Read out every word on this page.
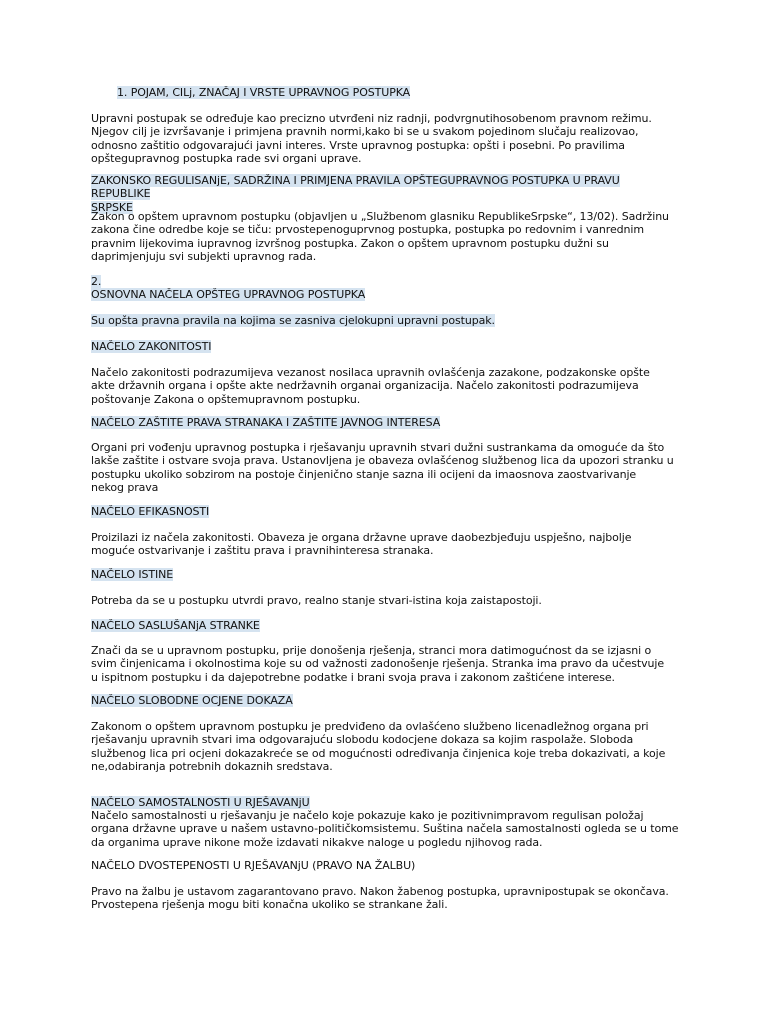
1. POJAM, CILj, ZNAČAJ I VRSTE UPRAVNOG POSTUPKA

Upravni postupak se određuje kao precizno utvrđeni niz radnji, podvrgnutihosobenom pravnom režimu.
Njegov cilj je izvršavanje i primjena pravnih normi,kako bi se u svakom pojedinom slučaju realizovao,
odnosno zaštitio odgovarajući javni interes. Vrste upravnog postupka: opšti i posebni. Po pravilima
opštegupravnog postupka rade svi organi uprave.

ZAKONSKO REGULISANjE, SADRŽINA I PRIMJENA PRAVILA OPŠTEGUPRAVNOG POSTUPKA U PRAVU REPUBLIKE
SRPSKE

Zakon o opštem upravnom postupku (objavljen u „Službenom glasniku RepublikeSrpske“, 13/02). Sadržinu
zakona čine odredbe koje se tiču: prvostepenoguprvnog postupka, postupka po redovnim i vanrednim
pravnim lijekovima iupravnog izvršnog postupka. Zakon o opštem upravnom postupku dužni su
daprimjenjuju svi subjekti upravnog rada.

2.
OSNOVNA NAČELA OPŠTEG UPRAVNOG POSTUPKA

Su opšta pravna pravila na kojima se zasniva cjelokupni upravni postupak.

NAČELO ZAKONITOSTI

Načelo zakonitosti podrazumijeva vezanost nosilaca upravnih ovlašćenja zazakone, podzakonske opšte
akte državnih organa i opšte akte nedržavnih organai organizacija. Načelo zakonitosti podrazumijeva
poštovanje Zakona o opštemupravnom postupku.

NAČELO ZAŠTITE PRAVA STRANAKA I ZAŠTITE JAVNOG INTERESA

Organi pri vođenju upravnog postupka i rješavanju upravnih stvari dužni sustrankama da omoguće da što
lakše zaštite i ostvare svoja prava. Ustanovljena je obaveza ovlašćenog službenog lica da upozori stranku u
postupku ukoliko sobzirom na postoje činjenično stanje sazna ili ocijeni da imaosnova zaostvarivanje
nekog prava

NAČELO EFIKASNOSTI

Proizilazi iz načela zakonitosti. Obaveza je organa državne uprave daobezbjeđuju uspješno, najbolje
moguće ostvarivanje i zaštitu prava i pravnihinteresa stranaka.

NAČELO ISTINE

Potreba da se u postupku utvrdi pravo, realno stanje stvari-istina koja zaistapostoji.

NAČELO SASLUŠANjA STRANKE

Znači da se u upravnom postupku, prije donošenja rješenja, stranci mora datimogućnost da se izjasni o
svim činjenicama i okolnostima koje su od važnosti zadonošenje rješenja. Stranka ima pravo da učestvuje
u ispitnom postupku i da dajepotrebne podatke i brani svoja prava i zakonom zaštićene interese.

NAČELO SLOBODNE OCJENE DOKAZA

Zakonom o opštem upravnom postupku je predviđeno da ovlašćeno službeno licenadležnog organa pri
rješavanju upravnih stvari ima odgovarajuću slobodu kodocjene dokaza sa kojim raspolaže. Sloboda
službenog lica pri ocjeni dokazakreće se od mogućnosti određivanja činjenica koje treba dokazivati, a koje
ne,odabiranja potrebnih dokaznih sredstava.

NAČELO SAMOSTALNOSTI U RJEŠAVANjU

Načelo samostalnosti u rješavanju je načelo koje pokazuje kako je pozitivnimpravom regulisan položaj
organa državne uprave u našem ustavno-političkomsistemu. Suština načela samostalnosti ogleda se u tome
da organima uprave nikone može izdavati nikakve naloge u pogledu njihovog rada.

NAČELO DVOSTEPENOSTI U RJEŠAVANjU (PRAVO NA ŽALBU)

Pravo na žalbu je ustavom zagarantovano pravo. Nakon žabenog postupka, upravnipostupak se okončava.
Prvostepena rješenja mogu biti konačna ukoliko se strankane žali.
